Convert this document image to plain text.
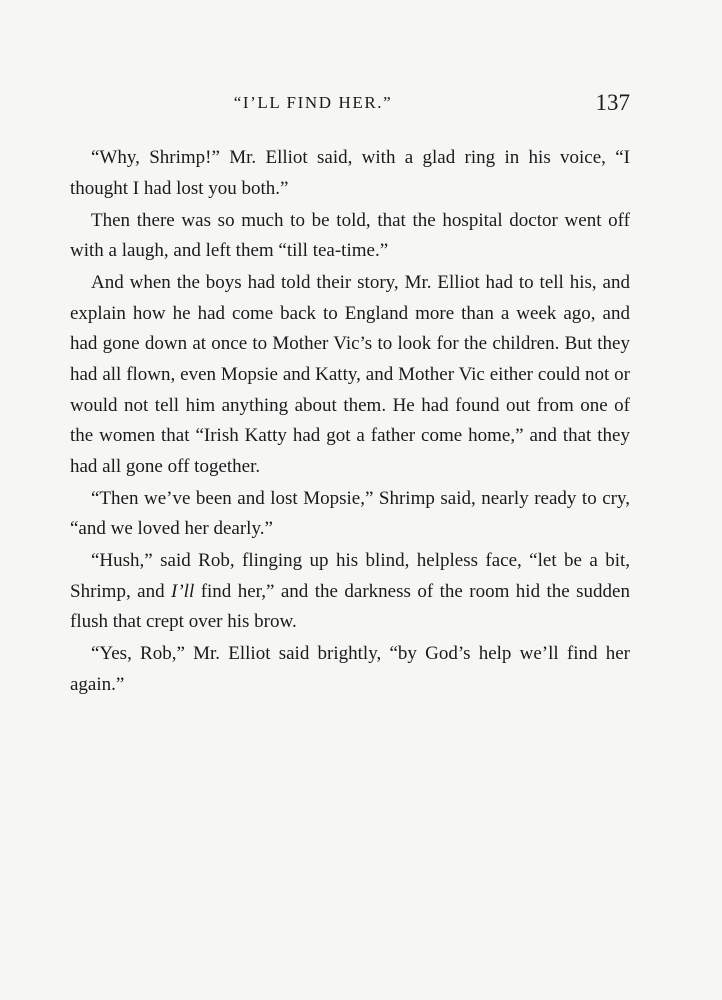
“I’LL FIND HER.”	137

“Why, Shrimp!” Mr. Elliot said, with a glad ring in his voice, “I thought I had lost you both.”

Then there was so much to be told, that the hospital doctor went off with a laugh, and left them “till tea-time.”

And when the boys had told their story, Mr. Elliot had to tell his, and explain how he had come back to England more than a week ago, and had gone down at once to Mother Vic’s to look for the children. But they had all flown, even Mopsie and Katty, and Mother Vic either could not or would not tell him anything about them. He had found out from one of the women that “Irish Katty had got a father come home,” and that they had all gone off together.

“Then we’ve been and lost Mopsie,” Shrimp said, nearly ready to cry, “and we loved her dearly.”

“Hush,” said Rob, flinging up his blind, helpless face, “let be a bit, Shrimp, and I’ll find her,” and the darkness of the room hid the sudden flush that crept over his brow.

“Yes, Rob,” Mr. Elliot said brightly, “by God’s help we’ll find her again.”
